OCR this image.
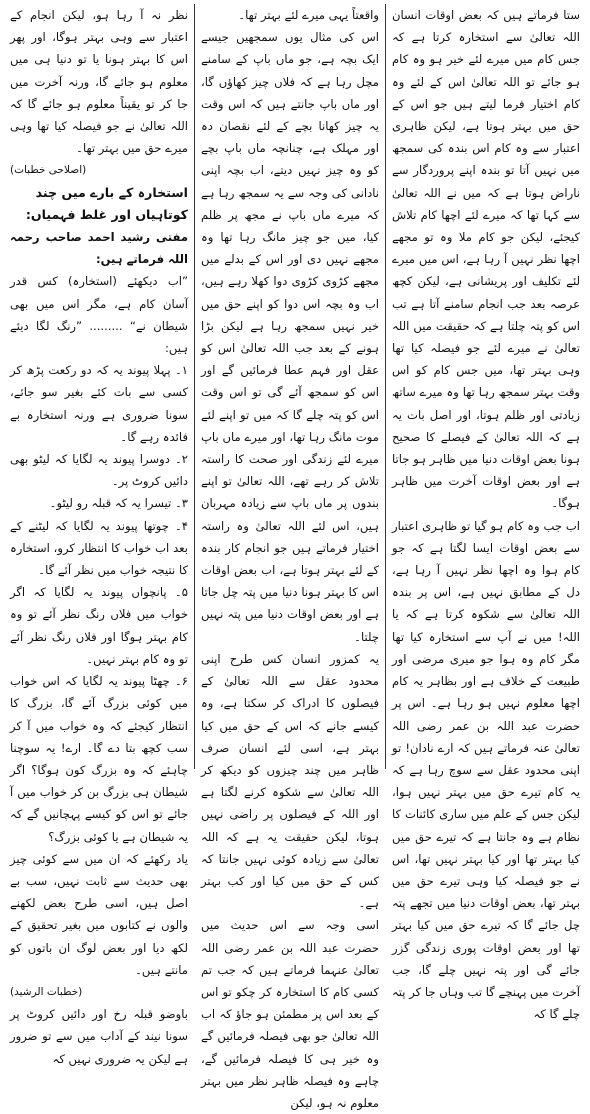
ستا فرماتے ہیں کہ بعض اوقات انسان اللہ تعالیٰ سے استخارہ کرتا ہے کہ جس کام میں میرے لئے خیر ہو وہ کام ہو جائے تو اللہ تعالیٰ اس کے لئے وہ کام اختیار فرما لیتے ہیں جو اس کے حق میں بہتر ہوتا ہے، لیکن ظاہری اعتبار سے وہ کام اس بندہ کی سمجھ میں نہیں آتا تو بندہ اپنے پروردگار سے ناراض ہوتا ہے کہ میں نے اللہ تعالیٰ سے کہا تھا کہ میرے لئے اچھا کام تلاش کیجئے، لیکن جو کام ملا وہ تو مجھے اچھا نظر نہیں آ رہا ہے، اس میں میرے لئے تکلیف اور پریشانی ہے، لیکن کچھ عرصہ بعد جب انجام سامنے آتا ہے تب اس کو پتہ چلتا ہے کہ حقیقت میں اللہ تعالیٰ نے میرے لئے جو فیصلہ کیا تھا وہی بہتر تھا، میں جس کام کو اس وقت بہتر سمجھ رہا تھا وہ میرے ساتھ زیادتی اور ظلم ہوتا، اور اصل بات یہ ہے کہ اللہ تعالیٰ کے فیصلے کا صحیح ہونا بعض اوقات دنیا میں ظاہر ہو جاتا ہے اور بعض اوقات آخرت میں ظاہر ہوگا۔

اب جب وہ کام ہو گیا تو ظاہری اعتبار سے بعض اوقات ایسا لگتا ہے کہ جو کام ہوا وہ اچھا نظر نہیں آ رہا ہے، دل کے مطابق نہیں ہے، اس پر بندہ اللہ تعالیٰ سے شکوہ کرتا ہے کہ یا اللہ! میں نے آپ سے استخارہ کیا تھا مگر کام وہ ہوا جو میری مرضی اور طبیعت کے خلاف ہے اور بظاہر یہ کام اچھا معلوم نہیں ہو رہا ہے۔ اس پر حضرت عبد اللہ بن عمر رضی اللہ تعالیٰ عنہ فرماتے ہیں کہ ارے نادان! تو اپنی محدود عقل سے سوچ رہا ہے کہ یہ کام تیرے حق میں بہتر نہیں ہوا، لیکن جس کے علم میں ساری کائنات کا نظام ہے وہ جانتا ہے کہ تیرے حق میں کیا بہتر تھا اور کیا بہتر نہیں تھا، اس نے جو فیصلہ کیا وہی تیرے حق میں بہتر تھا، بعض اوقات دنیا میں تجھے پتہ چل جائے گا کہ تیرے حق میں کیا بہتر تھا اور بعض اوقات پوری زندگی گزر جائے گی اور پتہ نہیں چلے گا، جب آخرت میں پہنچے گا تب وہاں جا کر پتہ چلے گا کہ

واقعتاً یہی میرے لئے بہتر تھا۔

اس کی مثال یوں سمجھیں جیسے ایک بچہ ہے، جو ماں باپ کے سامنے مچل رہا ہے کہ فلاں چیز کھاؤں گا، اور ماں باپ جانتے ہیں کہ اس وقت یہ چیز کھانا بچے کے لئے نقصان دہ اور مہلک ہے، چنانچہ ماں باپ بچے کو وہ چیز نہیں دیتے، اب بچہ اپنی نادانی کی وجہ سے یہ سمجھ رہا ہے کہ میرے ماں باپ نے مجھ پر ظلم کیا، میں جو چیز مانگ رہا تھا وہ مجھے نہیں دی اور اس کے بدلے میں مجھے کڑوی کڑوی دوا کھلا رہے ہیں، اب وہ بچہ اس دوا کو اپنے حق میں خیر نہیں سمجھ رہا ہے لیکن بڑا ہونے کے بعد جب اللہ تعالیٰ اس کو عقل اور فہم عطا فرمائیں گے اور اس کو سمجھ آئے گی تو اس وقت اس کو پتہ چلے گا کہ میں تو اپنے لئے موت مانگ رہا تھا، اور میرے ماں باپ میرے لئے زندگی اور صحت کا راستہ تلاش کر رہے تھے، اللہ تعالیٰ تو اپنے بندوں پر ماں باپ سے زیادہ مہربان ہیں، اس لئے اللہ تعالیٰ وہ راستہ اختیار فرماتے ہیں جو انجام کار بندہ کے لئے بہتر ہوتا ہے، اب بعض اوقات اس کا بہتر ہونا دنیا میں پتہ چل جاتا ہے اور بعض اوقات دنیا میں پتہ نہیں چلتا۔

یہ کمزور انسان کس طرح اپنی محدود عقل سے اللہ تعالیٰ کے فیصلوں کا ادراک کر سکتا ہے، وہ کیسے جانے کہ اس کے حق میں کیا بہتر ہے، اسی لئے انسان صرف ظاہر میں چند چیزوں کو دیکھ کر اللہ تعالیٰ سے شکوہ کرنے لگتا ہے اور اللہ کے فیصلوں پر راضی نہیں ہوتا، لیکن حقیقت یہ ہے کہ اللہ تعالیٰ سے زیادہ کوئی نہیں جانتا کہ کس کے حق میں کیا اور کب بہتر ہے۔

اسی وجہ سے اس حدیث میں حضرت عبد اللہ بن عمر رضی اللہ تعالیٰ عنہما فرماتے ہیں کہ جب تم کسی کام کا استخارہ کر چکو تو اس کے بعد اس پر مطمئن ہو جاؤ کہ اب اللہ تعالیٰ جو بھی فیصلہ فرمائیں گے وہ خیر ہی کا فیصلہ فرمائیں گے، چاہے وہ فیصلہ ظاہر نظر میں بہتر معلوم نہ ہو، لیکن

نظر نہ آ رہا ہو، لیکن انجام کے اعتبار سے وہی بہتر ہوگا، اور پھر اس کا بہتر ہونا یا تو دنیا ہی میں معلوم ہو جائے گا، ورنہ آخرت میں جا کر تو یقیناً معلوم ہو جائے گا کہ اللہ تعالیٰ نے جو فیصلہ کیا تھا وہی میرے حق میں بہتر تھا۔

(اصلاحی خطبات)

استخارہ کے بارے میں چند کوتاہیاں اور غلط فہمیاں:

مفتی رشید احمد صاحب رحمہ اللہ فرماتے ہیں:

”اب دیکھئے (استخارہ) کس قدر آسان کام ہے، مگر اس میں بھی شیطان نے“ ......... ”رنگ لگا دیئے ہیں:

۱۔ پہلا پیوند یہ کہ دو رکعت پڑھ کر کسی سے بات کئے بغیر سو جائے، سونا ضروری ہے ورنہ استخارہ بے فائدہ رہے گا۔

۲۔ دوسرا پیوند یہ لگایا کہ لیٹو بھی دائیں کروٹ پر۔

۳۔ تیسرا یہ کہ قبلہ رو لیٹو۔

۴۔ چوتھا پیوند یہ لگایا کہ لیٹنے کے بعد اب خواب کا انتظار کرو، استخارہ کا نتیجہ خواب میں نظر آئے گا۔

۵۔ پانچواں پیوند یہ لگایا کہ اگر خواب میں فلاں رنگ نظر آئے تو وہ کام بہتر ہوگا اور فلاں رنگ نظر آئے تو وہ کام بہتر نہیں۔

۶۔ چھٹا پیوند یہ لگایا کہ اس خواب میں کوئی بزرگ آئے گا، بزرگ کا انتظار کیجئے کہ وہ خواب میں آ کر سب کچھ بتا دے گا۔ ارے! یہ سوچنا چاہئے کہ وہ بزرگ کون ہوگا؟ اگر شیطان ہی بزرگ بن کر خواب میں آ جائے تو اس کو کیسے پہچانیں گے کہ یہ شیطان ہے یا کوئی بزرگ؟

یاد رکھئے کہ ان میں سے کوئی چیز بھی حدیث سے ثابت نہیں، سب بے اصل ہیں، اسی طرح بعض لکھنے والوں نے کتابوں میں بغیر تحقیق کے لکھ دیا اور بعض لوگ ان باتوں کو مانتے ہیں۔

(خطبات الرشید)

باوضو قبلہ رخ اور دائیں کروٹ پر سونا نیند کے آداب میں سے تو ضرور ہے لیکن یہ ضروری نہیں کہ
